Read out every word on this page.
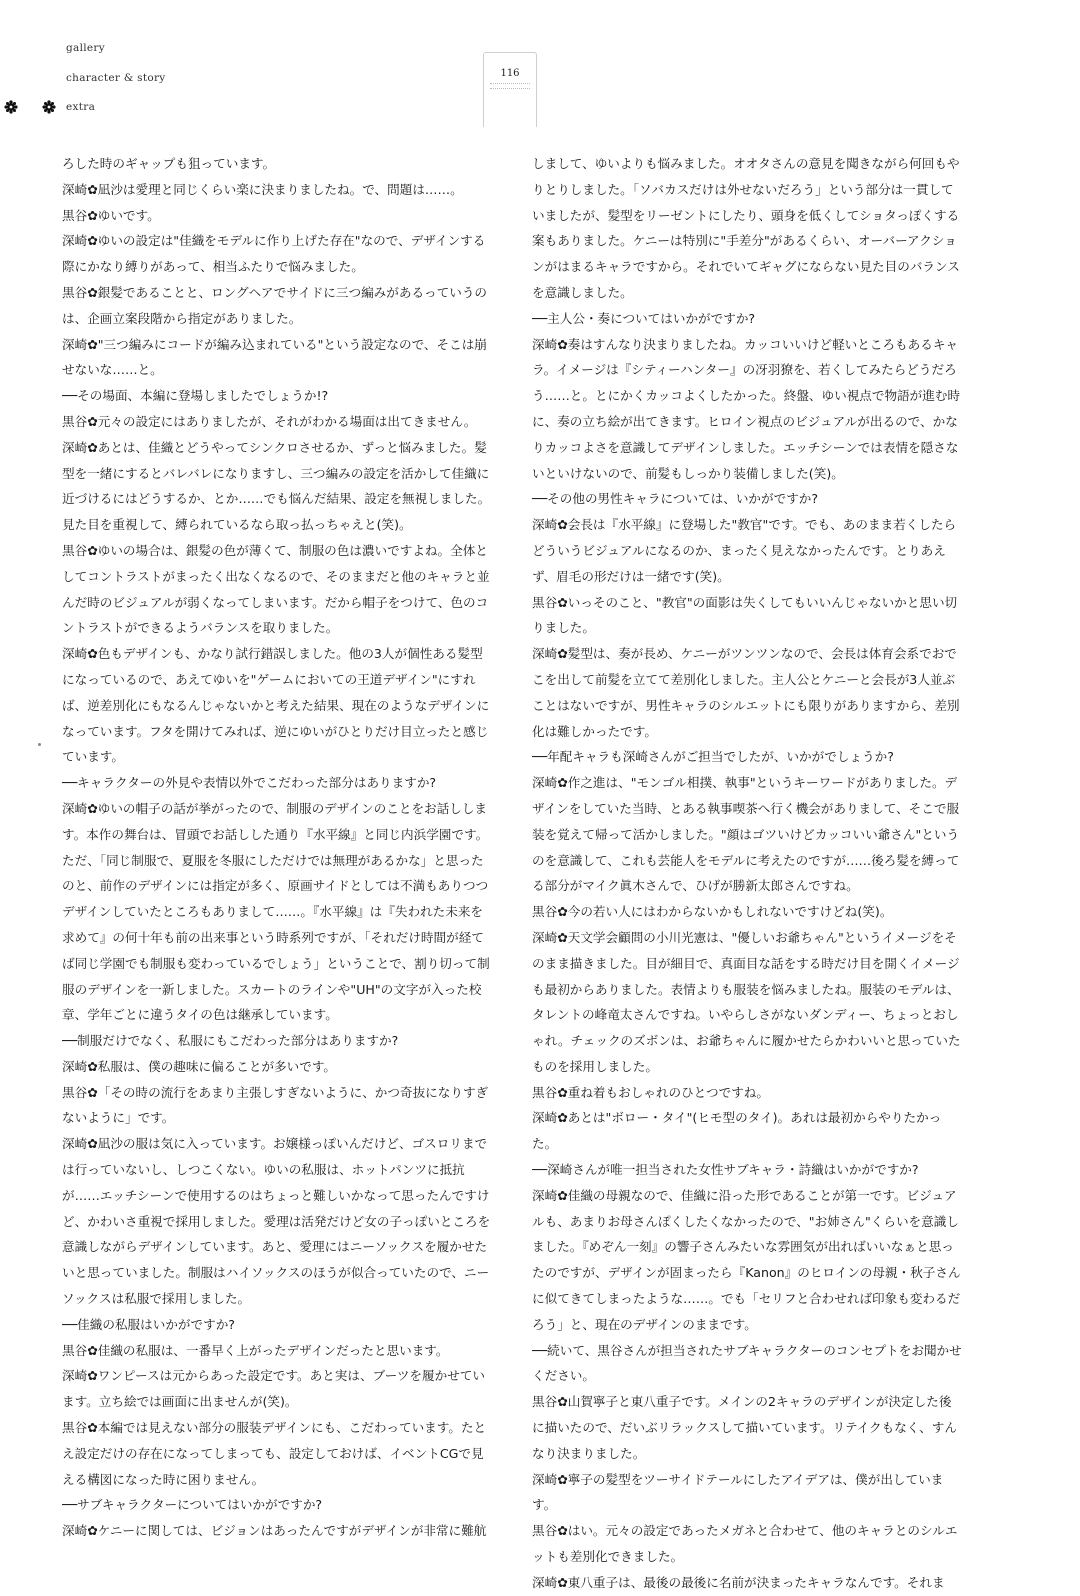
gallery
character & story
extra
116

ろした時のギャップも狙っています。

深崎✿凪沙は愛理と同じくらい楽に決まりましたね。で、問題は……。

黒谷✿ゆいです。

深崎✿ゆいの設定は"佳織をモデルに作り上げた存在"なので、デザインする際にかなり縛りがあって、相当ふたりで悩みました。

黒谷✿銀髪であることと、ロングヘアでサイドに三つ編みがあるっていうのは、企画立案段階から指定がありました。

深崎✿"三つ編みにコードが編み込まれている"という設定なので、そこは崩せないな……と。

──その場面、本編に登場しましたでしょうか!?

黒谷✿元々の設定にはありましたが、それがわかる場面は出てきません。

深崎✿あとは、佳織とどうやってシンクロさせるか、ずっと悩みました。髪型を一緒にするとバレバレになりますし、三つ編みの設定を活かして佳織に近づけるにはどうするか、とか……でも悩んだ結果、設定を無視しました。見た目を重視して、縛られているなら取っ払っちゃえと(笑)。

黒谷✿ゆいの場合は、銀髪の色が薄くて、制服の色は濃いですよね。全体としてコントラストがまったく出なくなるので、そのままだと他のキャラと並んだ時のビジュアルが弱くなってしまいます。だから帽子をつけて、色のコントラストができるようバランスを取りました。

深崎✿色もデザインも、かなり試行錯誤しました。他の3人が個性ある髪型になっているので、あえてゆいを"ゲームにおいての王道デザイン"にすれば、逆差別化にもなるんじゃないかと考えた結果、現在のようなデザインになっています。フタを開けてみれば、逆にゆいがひとりだけ目立ったと感じています。

──キャラクターの外見や表情以外でこだわった部分はありますか?

深崎✿ゆいの帽子の話が挙がったので、制服のデザインのことをお話しします。本作の舞台は、冒頭でお話しした通り『水平線』と同じ内浜学園です。ただ、「同じ制服で、夏服を冬服にしただけでは無理があるかな」と思ったのと、前作のデザインには指定が多く、原画サイドとしては不満もありつつデザインしていたところもありまして……。『水平線』は『失われた未来を求めて』の何十年も前の出来事という時系列ですが、「それだけ時間が経てば同じ学園でも制服も変わっているでしょう」ということで、割り切って制服のデザインを一新しました。スカートのラインや"UH"の文字が入った校章、学年ごとに違うタイの色は継承しています。

──制服だけでなく、私服にもこだわった部分はありますか?

深崎✿私服は、僕の趣味に偏ることが多いです。

黒谷✿「その時の流行をあまり主張しすぎないように、かつ奇抜になりすぎないように」です。

深崎✿凪沙の服は気に入っています。お嬢様っぽいんだけど、ゴスロリまでは行っていないし、しつこくない。ゆいの私服は、ホットパンツに抵抗が……エッチシーンで使用するのはちょっと難しいかなって思ったんですけど、かわいさ重視で採用しました。愛理は活発だけど女の子っぽいところを意識しながらデザインしています。あと、愛理にはニーソックスを履かせたいと思っていました。制服はハイソックスのほうが似合っていたので、ニーソックスは私服で採用しました。

──佳織の私服はいかがですか?

黒谷✿佳織の私服は、一番早く上がったデザインだったと思います。

深崎✿ワンピースは元からあった設定です。あと実は、ブーツを履かせています。立ち絵では画面に出ませんが(笑)。

黒谷✿本編では見えない部分の服装デザインにも、こだわっています。たとえ設定だけの存在になってしまっても、設定しておけば、イベントCGで見える構図になった時に困りません。

──サブキャラクターについてはいかがですか?

深崎✿ケニーに関しては、ビジョンはあったんですがデザインが非常に難航

しまして、ゆいよりも悩みました。オオタさんの意見を聞きながら何回もやりとりしました。「ソバカスだけは外せないだろう」という部分は一貫していましたが、髪型をリーゼントにしたり、頭身を低くしてショタっぽくする案もありました。ケニーは特別に"手差分"があるくらい、オーバーアクションがはまるキャラですから。それでいてギャグにならない見た目のバランスを意識しました。

──主人公・奏についてはいかがですか?

深崎✿奏はすんなり決まりましたね。カッコいいけど軽いところもあるキャラ。イメージは『シティーハンター』の冴羽獠を、若くしてみたらどうだろう……と。とにかくカッコよくしたかった。終盤、ゆい視点で物語が進む時に、奏の立ち絵が出てきます。ヒロイン視点のビジュアルが出るので、かなりカッコよさを意識してデザインしました。エッチシーンでは表情を隠さないといけないので、前髪もしっかり装備しました(笑)。

──その他の男性キャラについては、いかがですか?

深崎✿会長は『水平線』に登場した"教官"です。でも、あのまま若くしたらどういうビジュアルになるのか、まったく見えなかったんです。とりあえず、眉毛の形だけは一緒です(笑)。

黒谷✿いっそのこと、"教官"の面影は失くしてもいいんじゃないかと思い切りました。

深崎✿髪型は、奏が長め、ケニーがツンツンなので、会長は体育会系でおでこを出して前髪を立てて差別化しました。主人公とケニーと会長が3人並ぶことはないですが、男性キャラのシルエットにも限りがありますから、差別化は難しかったです。

──年配キャラも深崎さんがご担当でしたが、いかがでしょうか?

深崎✿作之進は、"モンゴル相撲、執事"というキーワードがありました。デザインをしていた当時、とある執事喫茶へ行く機会がありまして、そこで服装を覚えて帰って活かしました。"顔はゴツいけどカッコいい爺さん"というのを意識して、これも芸能人をモデルに考えたのですが……後ろ髪を縛ってる部分がマイク眞木さんで、ひげが勝新太郎さんですね。

黒谷✿今の若い人にはわからないかもしれないですけどね(笑)。

深崎✿天文学会顧問の小川光憲は、"優しいお爺ちゃん"というイメージをそのまま描きました。目が細目で、真面目な話をする時だけ目を開くイメージも最初からありました。表情よりも服装を悩みましたね。服装のモデルは、タレントの峰竜太さんですね。いやらしさがないダンディー、ちょっとおしゃれ。チェックのズボンは、お爺ちゃんに履かせたらかわいいと思っていたものを採用しました。

黒谷✿重ね着もおしゃれのひとつですね。

深崎✿あとは"ボロー・タイ"(ヒモ型のタイ)。あれは最初からやりたかった。

──深崎さんが唯一担当された女性サブキャラ・詩織はいかがですか?

深崎✿佳織の母親なので、佳織に沿った形であることが第一です。ビジュアルも、あまりお母さんぽくしたくなかったので、"お姉さん"くらいを意識しました。『めぞん一刻』の響子さんみたいな雰囲気が出ればいいなぁと思ったのですが、デザインが固まったら『Kanon』のヒロインの母親・秋子さんに似てきてしまったような……。でも「セリフと合わせれば印象も変わるだろう」と、現在のデザインのままです。

──続いて、黒谷さんが担当されたサブキャラクターのコンセプトをお聞かせください。

黒谷✿山賀寧子と東八重子です。メインの2キャラのデザインが決定した後に描いたので、だいぶリラックスして描いています。リテイクもなく、すんなり決まりました。

深崎✿寧子の髪型をツーサイドテールにしたアイデアは、僕が出しています。

黒谷✿はい。元々の設定であったメガネと合わせて、他のキャラとのシルエットも差別化できました。

深崎✿東八重子は、最後の最後に名前が決まったキャラなんです。それま
